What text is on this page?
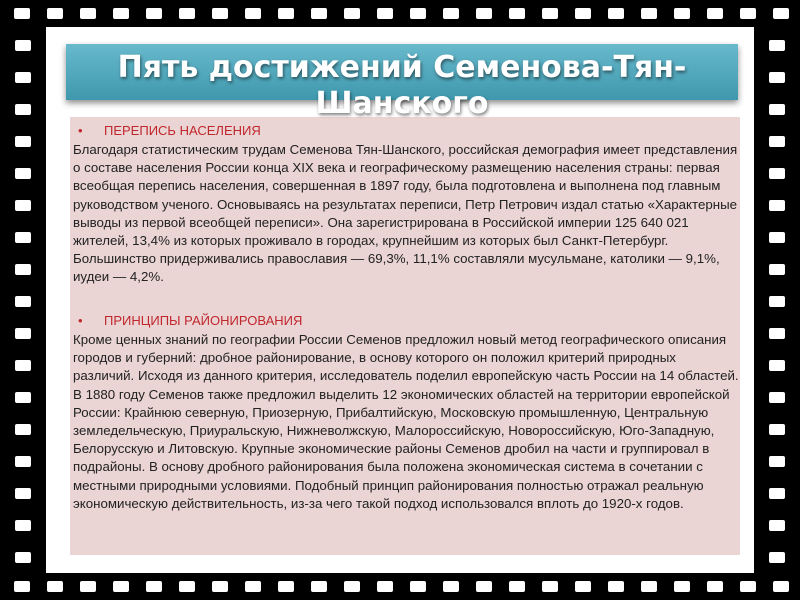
Пять достижений Семенова-Тян-Шанского
• ПЕРЕПИСЬ НАСЕЛЕНИЯ

Благодаря статистическим трудам Семенова Тян-Шанского, российская демография имеет представления о составе населения России конца XIX века и географическому размещению населения страны: первая всеобщая перепись населения, совершенная в 1897 году, была подготовлена и выполнена под главным руководством ученого. Основываясь на результатах переписи, Петр Петрович издал статью «Характерные выводы из первой всеобщей переписи». Она зарегистрирована в Российской империи 125 640 021 жителей, 13,4% из которых проживало в городах, крупнейшим из которых был Санкт-Петербург. Большинство придерживались православия — 69,3%, 11,1% составляли мусульмане, католики — 9,1%, иудеи — 4,2%.

• ПРИНЦИПЫ РАЙОНИРОВАНИЯ

Кроме ценных знаний по географии России Семенов предложил новый метод географического описания городов и губерний: дробное районирование, в основу которого он положил критерий природных различий. Исходя из данного критерия, исследователь поделил европейскую часть России на 14 областей. В 1880 году Семенов также предложил выделить 12 экономических областей на территории европейской России: Крайнюю северную, Приозерную, Прибалтийскую, Московскую промышленную, Центральную земледельческую, Приуральскую, Нижневолжскую, Малороссийскую, Новороссийскую, Юго-Западную, Белорусскую и Литовскую. Крупные экономические районы Семенов дробил на части и группировал в подрайоны. В основу дробного районирования была положена экономическая система в сочетании с местными природными условиями. Подобный принцип районирования полностью отражал реальную экономическую действительность, из-за чего такой подход использовался вплоть до 1920-х годов.
